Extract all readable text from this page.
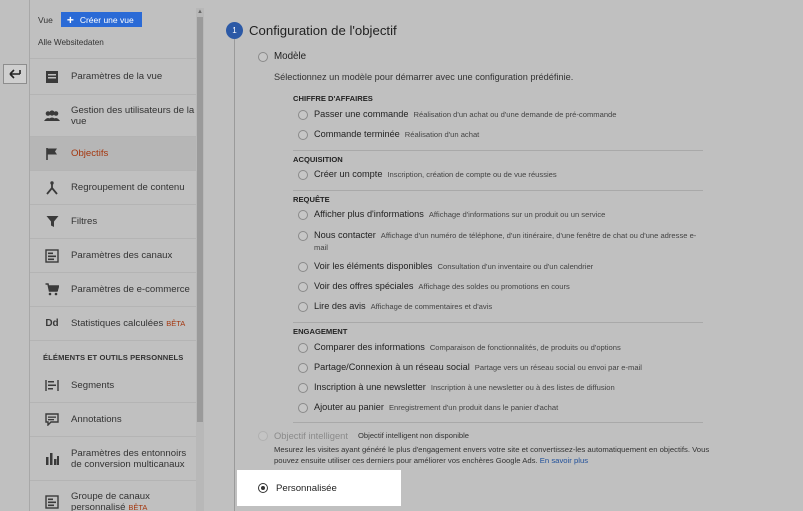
Vue + Créer une vue
Alle Websitedaten
Paramètres de la vue
Gestion des utilisateurs de la vue
Objectifs
Regroupement de contenu
Filtres
Paramètres des canaux
Paramètres de e-commerce
Dd Statistiques calculées BÊTA
ÉLÉMENTS ET OUTILS PERSONNELS
Segments
Annotations
Paramètres des entonnoirs de conversion multicanaux
Groupe de canaux personnalisé BÊTA
▲
1 Configuration de l'objectif
Modèle
Sélectionnez un modèle pour démarrer avec une configuration prédéfinie.
CHIFFRE D'AFFAIRES
Passer une commande Réalisation d'un achat ou d'une demande de pré-commande
Commande terminée Réalisation d'un achat
ACQUISITION
Créer un compte Inscription, création de compte ou de vue réussies
REQUÊTE
Afficher plus d'informations Affichage d'informations sur un produit ou un service
Nous contacter Affichage d'un numéro de téléphone, d'un itinéraire, d'une fenêtre de chat ou d'une adresse e-mail
Voir les éléments disponibles Consultation d'un inventaire ou d'un calendrier
Voir des offres spéciales Affichage des soldes ou promotions en cours
Lire des avis Affichage de commentaires et d'avis
ENGAGEMENT
Comparer des informations Comparaison de fonctionnalités, de produits ou d'options
Partage/Connexion à un réseau social Partage vers un réseau social ou envoi par e-mail
Inscription à une newsletter Inscription à une newsletter ou à des listes de diffusion
Ajouter au panier Enregistrement d'un produit dans le panier d'achat
Objectif intelligent Objectif intelligent non disponible
Mesurez les visites ayant généré le plus d'engagement envers votre site et convertissez-les automatiquement en objectifs. Vous pouvez ensuite utiliser ces derniers pour améliorer vos enchères Google Ads. En savoir plus
Personnalisée
